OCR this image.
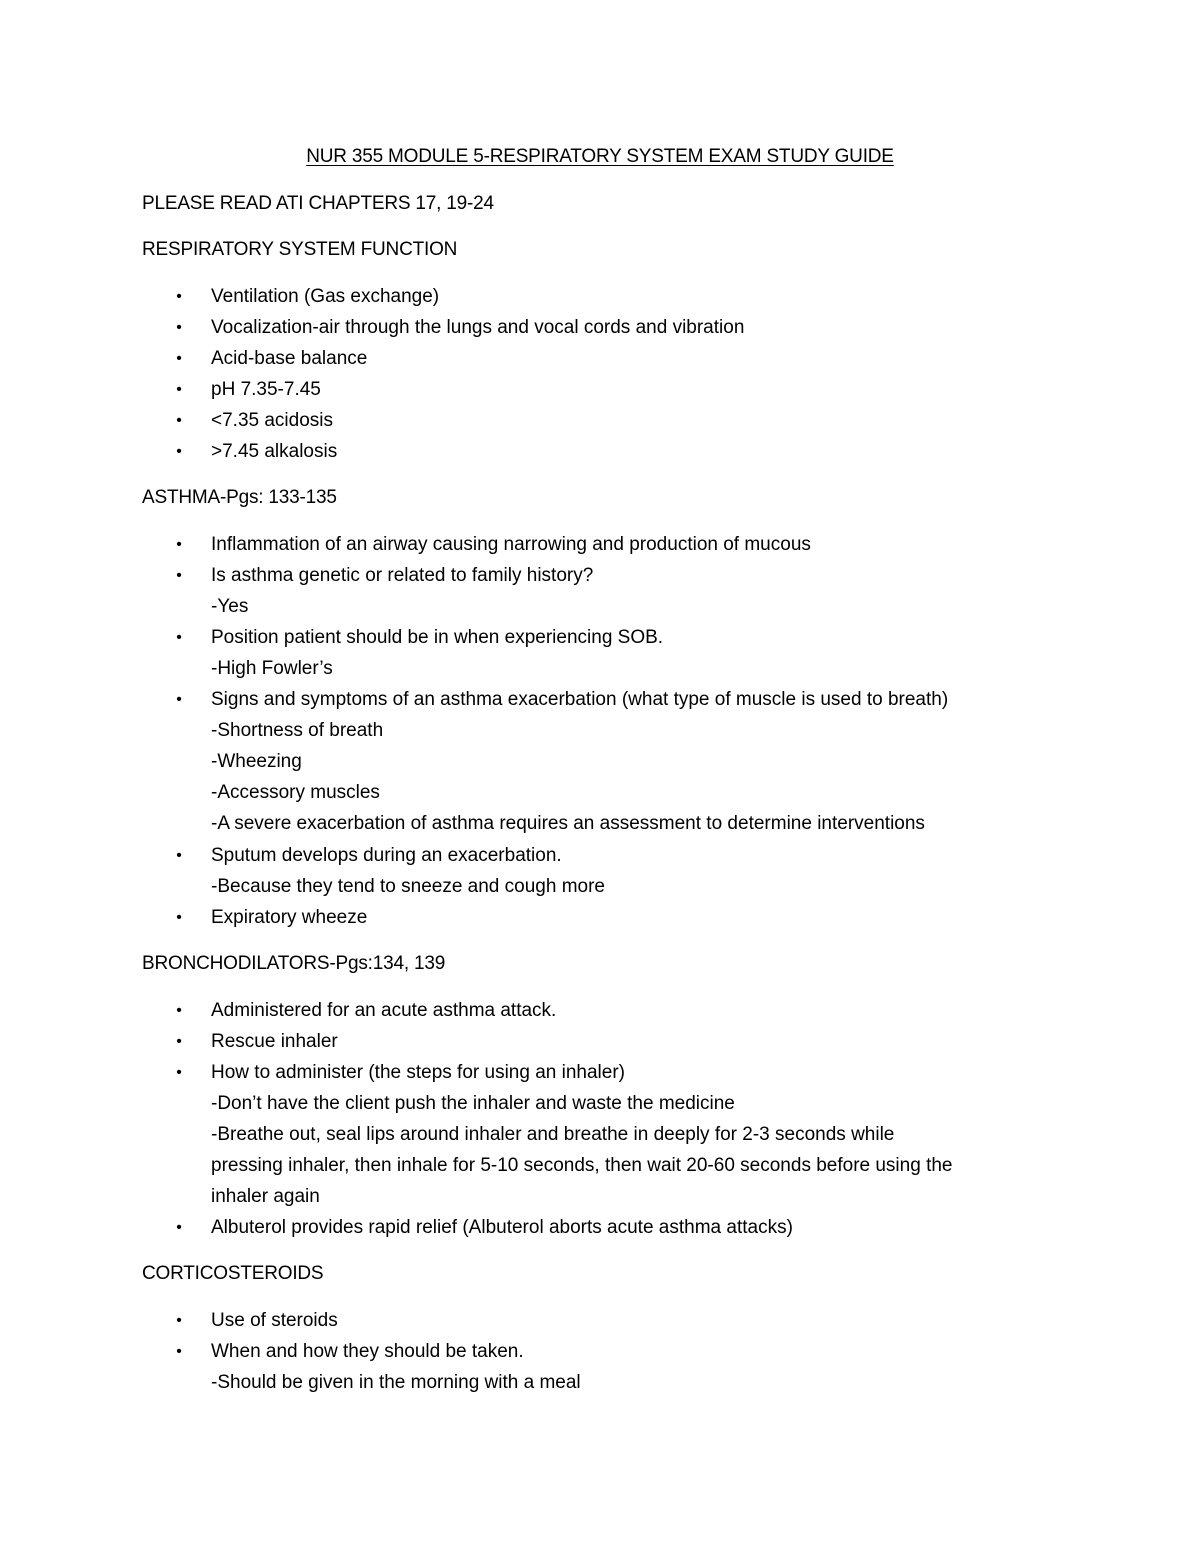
NUR 355 MODULE 5-RESPIRATORY SYSTEM EXAM STUDY GUIDE
PLEASE READ ATI CHAPTERS 17, 19-24
RESPIRATORY SYSTEM FUNCTION
•	Ventilation (Gas exchange)
•	Vocalization-air through the lungs and vocal cords and vibration
•	Acid-base balance
•	pH 7.35-7.45
•	<7.35 acidosis
•	>7.45 alkalosis
ASTHMA-Pgs: 133-135
•	Inflammation of an airway causing narrowing and production of mucous
•	Is asthma genetic or related to family history?
-Yes
•	Position patient should be in when experiencing SOB.
-High Fowler’s
•	Signs and symptoms of an asthma exacerbation (what type of muscle is used to breath)
-Shortness of breath
-Wheezing
-Accessory muscles
-A severe exacerbation of asthma requires an assessment to determine interventions
•	Sputum develops during an exacerbation.
-Because they tend to sneeze and cough more
•	Expiratory wheeze
BRONCHODILATORS-Pgs:134, 139
•	Administered for an acute asthma attack.
•	Rescue inhaler
•	How to administer (the steps for using an inhaler)
-Don’t have the client push the inhaler and waste the medicine
-Breathe out, seal lips around inhaler and breathe in deeply for 2-3 seconds while
pressing inhaler, then inhale for 5-10 seconds, then wait 20-60 seconds before using the
inhaler again
•	Albuterol provides rapid relief (Albuterol aborts acute asthma attacks)
CORTICOSTEROIDS
•	Use of steroids
•	When and how they should be taken.
-Should be given in the morning with a meal
